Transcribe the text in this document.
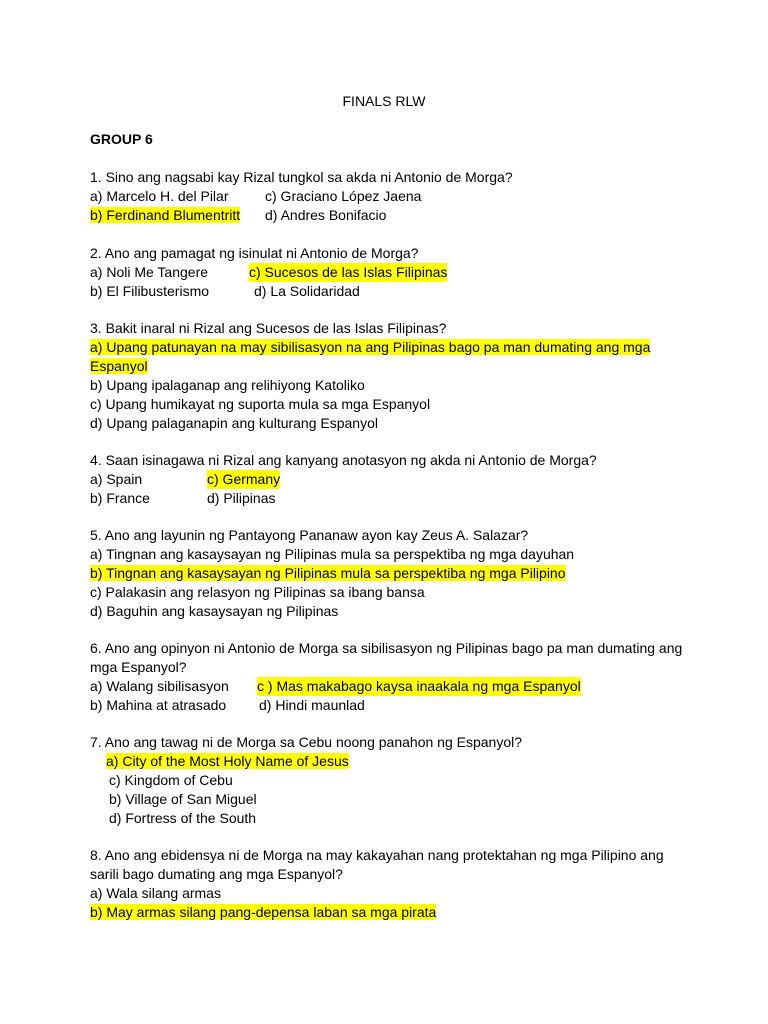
FINALS RLW
GROUP 6
1. Sino ang nagsabi kay Rizal tungkol sa akda ni Antonio de Morga?
a) Marcelo H. del Pilar	c) Graciano López Jaena
b) Ferdinand Blumentritt d) Andres Bonifacio
2. Ano ang pamagat ng isinulat ni Antonio de Morga?
a) Noli Me Tangere	c) Sucesos de las Islas Filipinas
b) El Filibusterismo	d) La Solidaridad
3. Bakit inaral ni Rizal ang Sucesos de las Islas Filipinas?
a) Upang patunayan na may sibilisasyon na ang Pilipinas bago pa man dumating ang mga
Espanyol
b) Upang ipalaganap ang relihiyong Katoliko
c) Upang humikayat ng suporta mula sa mga Espanyol
d) Upang palaganapin ang kulturang Espanyol
4. Saan isinagawa ni Rizal ang kanyang anotasyon ng akda ni Antonio de Morga?
a) Spain	c) Germany
b) France	d) Pilipinas
5. Ano ang layunin ng Pantayong Pananaw ayon kay Zeus A. Salazar?
a) Tingnan ang kasaysayan ng Pilipinas mula sa perspektiba ng mga dayuhan
b) Tingnan ang kasaysayan ng Pilipinas mula sa perspektiba ng mga Pilipino
c) Palakasin ang relasyon ng Pilipinas sa ibang bansa
d) Baguhin ang kasaysayan ng Pilipinas
6. Ano ang opinyon ni Antonio de Morga sa sibilisasyon ng Pilipinas bago pa man dumating ang
mga Espanyol?
a) Walang sibilisasyon c ) Mas makabago kaysa inaakala ng mga Espanyol
b) Mahina at atrasado d) Hindi maunlad
7. Ano ang tawag ni de Morga sa Cebu noong panahon ng Espanyol?
a) City of the Most Holy Name of Jesus
c) Kingdom of Cebu
b) Village of San Miguel
d) Fortress of the South
8. Ano ang ebidensya ni de Morga na may kakayahan nang protektahan ng mga Pilipino ang
sarili bago dumating ang mga Espanyol?
a) Wala silang armas
b) May armas silang pang-depensa laban sa mga pirata
